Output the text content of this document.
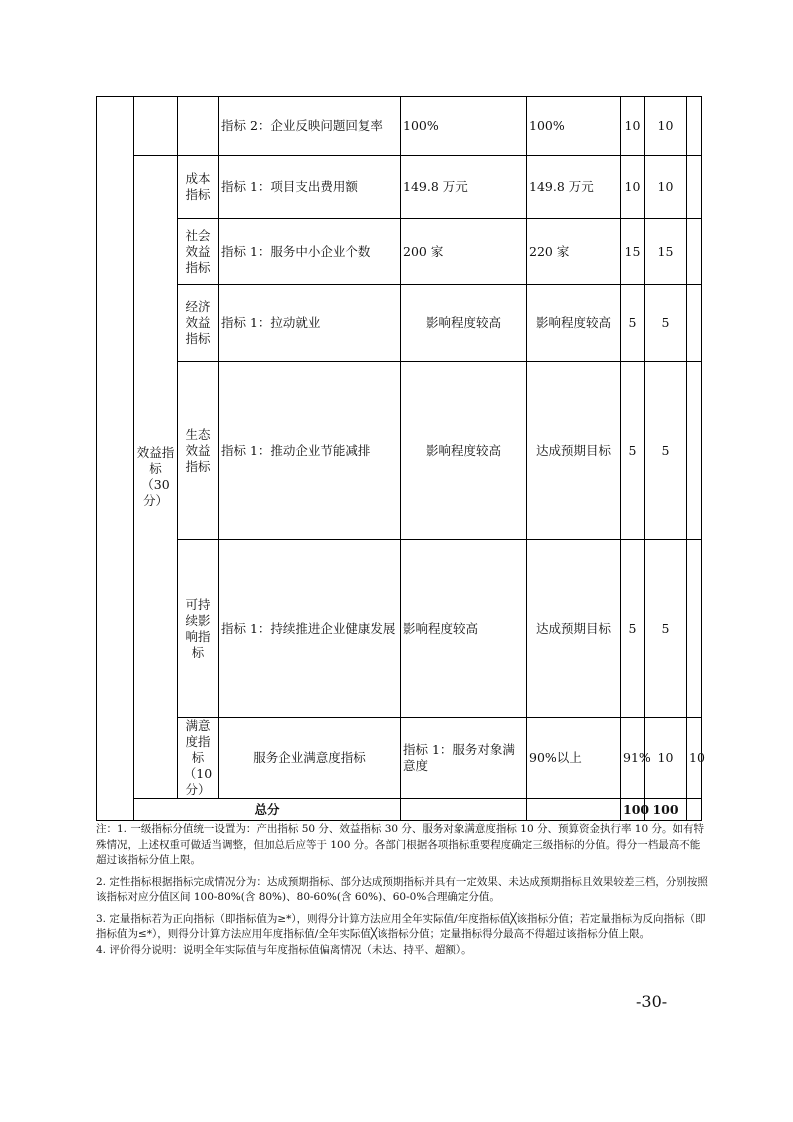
			指标 2：企业反映问题回复率	100%	100%	10	10		
	效益指标（30分）	成本指标	指标 1：项目支出费用额	149.8 万元	149.8 万元	10	10		
		社会效益指标	指标 1：服务中小企业个数	200 家	220 家	15	15		
		经济效益指标	指标 1：拉动就业	影响程度较高	影响程度较高	5	5		
		生态效益指标	指标 1：推动企业节能减排	影响程度较高	达成预期目标	5	5		
		可持续影响指标	指标 1：持续推进企业健康发展	影响程度较高	达成预期目标	5	5		
		满意度指标（10分）	服务企业满意度指标	指标 1：服务对象满意度	90%以上	91%	10	10	
	总分					100	100		

注：1. 一级指标分值统一设置为：产出指标 50 分、效益指标 30 分、服务对象满意度指标 10 分、预算资金执行率 10 分。如有特殊情况，上述权重可做适当调整，但加总后应等于 100 分。各部门根据各项指标重要程度确定三级指标的分值。得分一档最高不能超过该指标分值上限。

2. 定性指标根据指标完成情况分为：达成预期指标、部分达成预期指标并具有一定效果、未达成预期指标且效果较差三档，分别按照该指标对应分值区间 100-80%(含 80%)、80-60%(含 60%)、60-0%合理确定分值。

3. 定量指标若为正向指标（即指标值为≥*），则得分计算方法应用全年实际值/年度指标值╳该指标分值；若定量指标为反向指标（即指标值为≤*），则得分计算方法应用年度指标值/全年实际值╳该指标分值；定量指标得分最高不得超过该指标分值上限。

4. 评价得分说明：说明全年实际值与年度指标值偏离情况（未达、持平、超额）。

-30-
